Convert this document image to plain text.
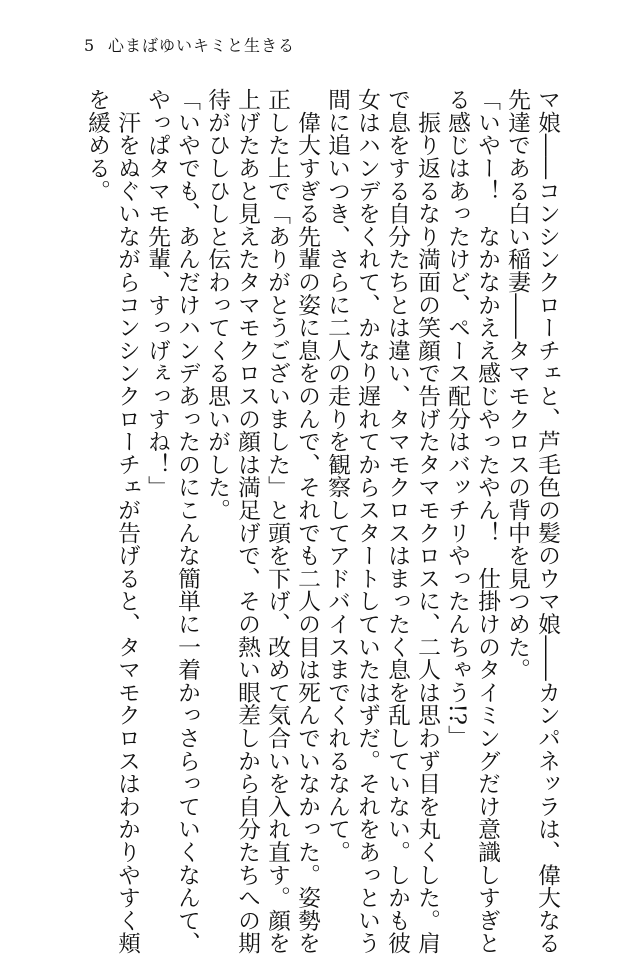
5 心まばゆいキミと生きる
マ娘――コンシンクローチェと、芦毛色の髪のウマ娘――カンパネッラは、偉大なる
先達である白い稲妻――タマモクロスの背中を見つめた。
「いやー！　なかなかええ感じやったやん！　仕掛けのタイミングだけ意識しすぎと
る感じはあったけど、ペース配分はバッチリやったんちゃう!?」
　振り返るなり満面の笑顔で告げたタマモクロスに、二人は思わず目を丸くした。肩
で息をする自分たちとは違い、タマモクロスはまったく息を乱していない。しかも彼
女はハンデをくれて、かなり遅れてからスタートしていたはずだ。それをあっという
間に追いつき、さらに二人の走りを観察してアドバイスまでくれるなんて。
　偉大すぎる先輩の姿に息をのんで、それでも二人の目は死んでいなかった。姿勢を
正した上で「ありがとうございました」と頭を下げ、改めて気合いを入れ直す。顔を
上げたあと見えたタマモクロスの顔は満足げで、その熱い眼差しから自分たちへの期
待がひしひしと伝わってくる思いがした。
「いやでも、あんだけハンデあったのにこんな簡単に一着かっさらっていくなんて、
やっぱタマモ先輩、すっげぇっすね！」
　汗をぬぐいながらコンシンクローチェが告げると、タマモクロスはわかりやすく頬
を緩める。
